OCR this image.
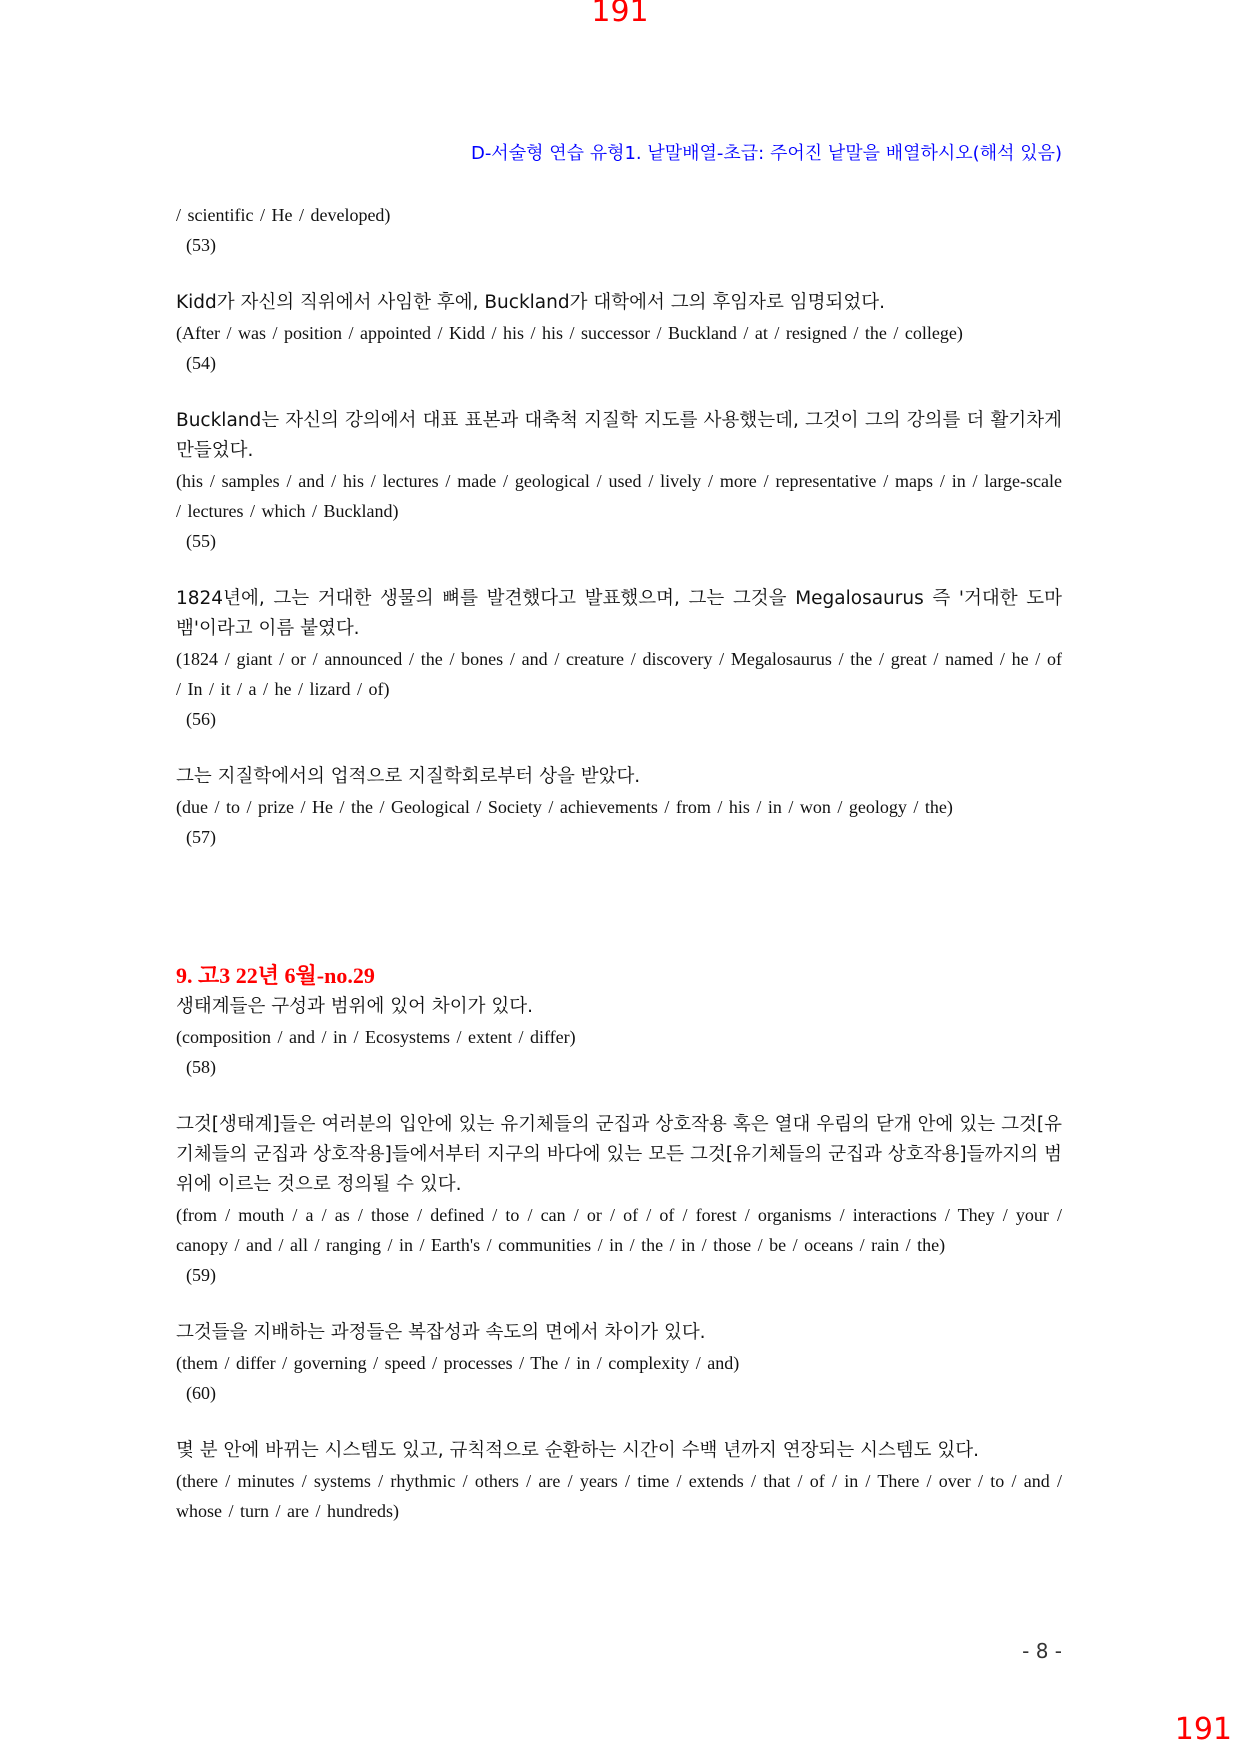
191
D-서술형 연습 유형1. 낱말배열-초급: 주어진 낱말을 배열하시오(해석 있음)

/ scientific / He / developed)

(53)

Kidd가 자신의 직위에서 사임한 후에, Buckland가 대학에서 그의 후임자로 임명되었다.

(After / was / position / appointed / Kidd / his / his / successor / Buckland / at / resigned / the / college)

(54)

Buckland는 자신의 강의에서 대표 표본과 대축척 지질학 지도를 사용했는데, 그것이 그의 강의를 더 활기차게 만들었다.

(his / samples / and / his / lectures / made / geological / used / lively / more / representative / maps / in / large-scale / lectures / which / Buckland)

(55)

1824년에, 그는 거대한 생물의 뼈를 발견했다고 발표했으며, 그는 그것을 Megalosaurus 즉 '거대한 도마뱀'이라고 이름 붙였다.

(1824 / giant / or / announced / the / bones / and / creature / discovery / Megalosaurus / the / great / named / he / of / In / it / a / he / lizard / of)

(56)

그는 지질학에서의 업적으로 지질학회로부터 상을 받았다.

(due / to / prize / He / the / Geological / Society / achievements / from / his / in / won / geology / the)

(57)

9. 고3 22년 6월-no.29

생태계들은 구성과 범위에 있어 차이가 있다.

(composition / and / in / Ecosystems / extent / differ)

(58)

그것[생태계]들은 여러분의 입안에 있는 유기체들의 군집과 상호작용 혹은 열대 우림의 닫개 안에 있는 그것[유기체들의 군집과 상호작용]들에서부터 지구의 바다에 있는 모든 그것[유기체들의 군집과 상호작용]들까지의 범위에 이르는 것으로 정의될 수 있다.

(from / mouth / a / as / those / defined / to / can / or / of / of / forest / organisms / interactions / They / your / canopy / and / all / ranging / in / Earth's / communities / in / the / in / those / be / oceans / rain / the)

(59)

그것들을 지배하는 과정들은 복잡성과 속도의 면에서 차이가 있다.

(them / differ / governing / speed / processes / The / in / complexity / and)

(60)

몇 분 안에 바뀌는 시스템도 있고, 규칙적으로 순환하는 시간이 수백 년까지 연장되는 시스템도 있다.

(there / minutes / systems / rhythmic / others / are / years / time / extends / that / of / in / There / over / to / and / whose / turn / are / hundreds)

- 8 -
191
